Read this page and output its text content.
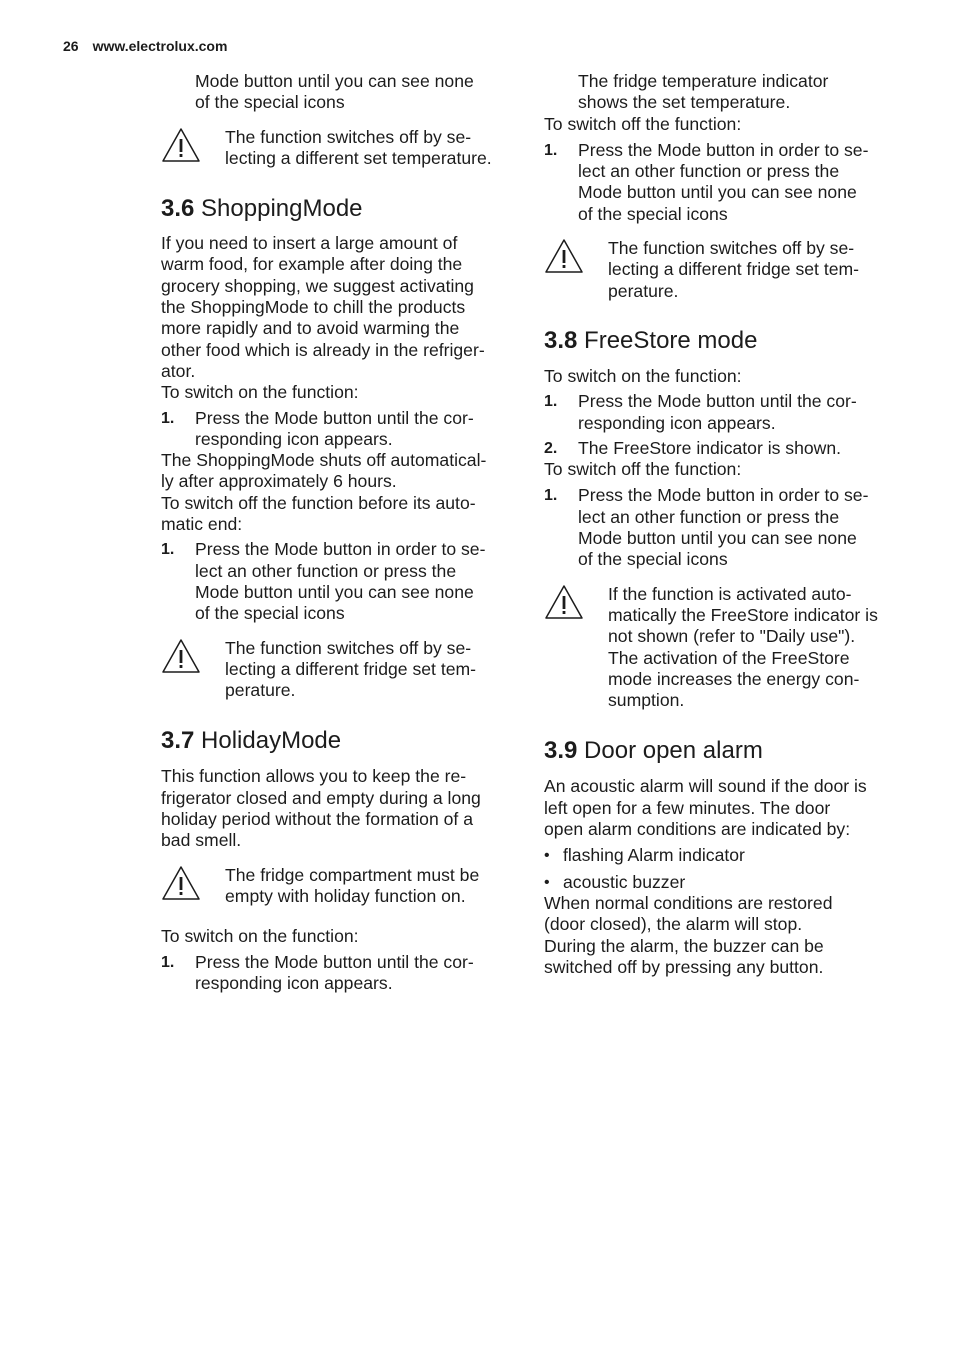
26 www.electrolux.com
Mode button until you can see none
of the special icons
The function switches off by se-
lecting a different set temperature.
3.6 ShoppingMode

If you need to insert a large amount of

warm food, for example after doing the

grocery shopping, we suggest activating

the ShoppingMode to chill the products

more rapidly and to avoid warming the

other food which is already in the refriger-

ator.

To switch on the function:

1.	Press the Mode button until the cor-
responding icon appears.

The ShoppingMode shuts off automatical-

ly after approximately 6 hours.

To switch off the function before its auto-

matic end:

1.	Press the Mode button in order to se-
lect an other function or press the
Mode button until you can see none
of the special icons
The function switches off by se-
lecting a different fridge set tem-
perature.
3.7 HolidayMode

This function allows you to keep the re-

frigerator closed and empty during a long

holiday period without the formation of a

bad smell.

The fridge compartment must be
empty with holiday function on.

To switch on the function:

1.	Press the Mode button until the cor-
responding icon appears.
The fridge temperature indicator
shows the set temperature.

To switch off the function:

1.	Press the Mode button in order to se-
lect an other function or press the
Mode button until you can see none
of the special icons
The function switches off by se-
lecting a different fridge set tem-
perature.
3.8 FreeStore mode

To switch on the function:

1.	Press the Mode button until the cor-
responding icon appears.
2.	The FreeStore indicator is shown.

To switch off the function:

1.	Press the Mode button in order to se-
lect an other function or press the
Mode button until you can see none
of the special icons
If the function is activated auto-
matically the FreeStore indicator is
not shown (refer to "Daily use").
The activation of the FreeStore
mode increases the energy con-
sumption.
3.9 Door open alarm

An acoustic alarm will sound if the door is

left open for a few minutes. The door

open alarm conditions are indicated by:

• flashing Alarm indicator
• acoustic buzzer

When normal conditions are restored

(door closed), the alarm will stop.

During the alarm, the buzzer can be

switched off by pressing any button.
